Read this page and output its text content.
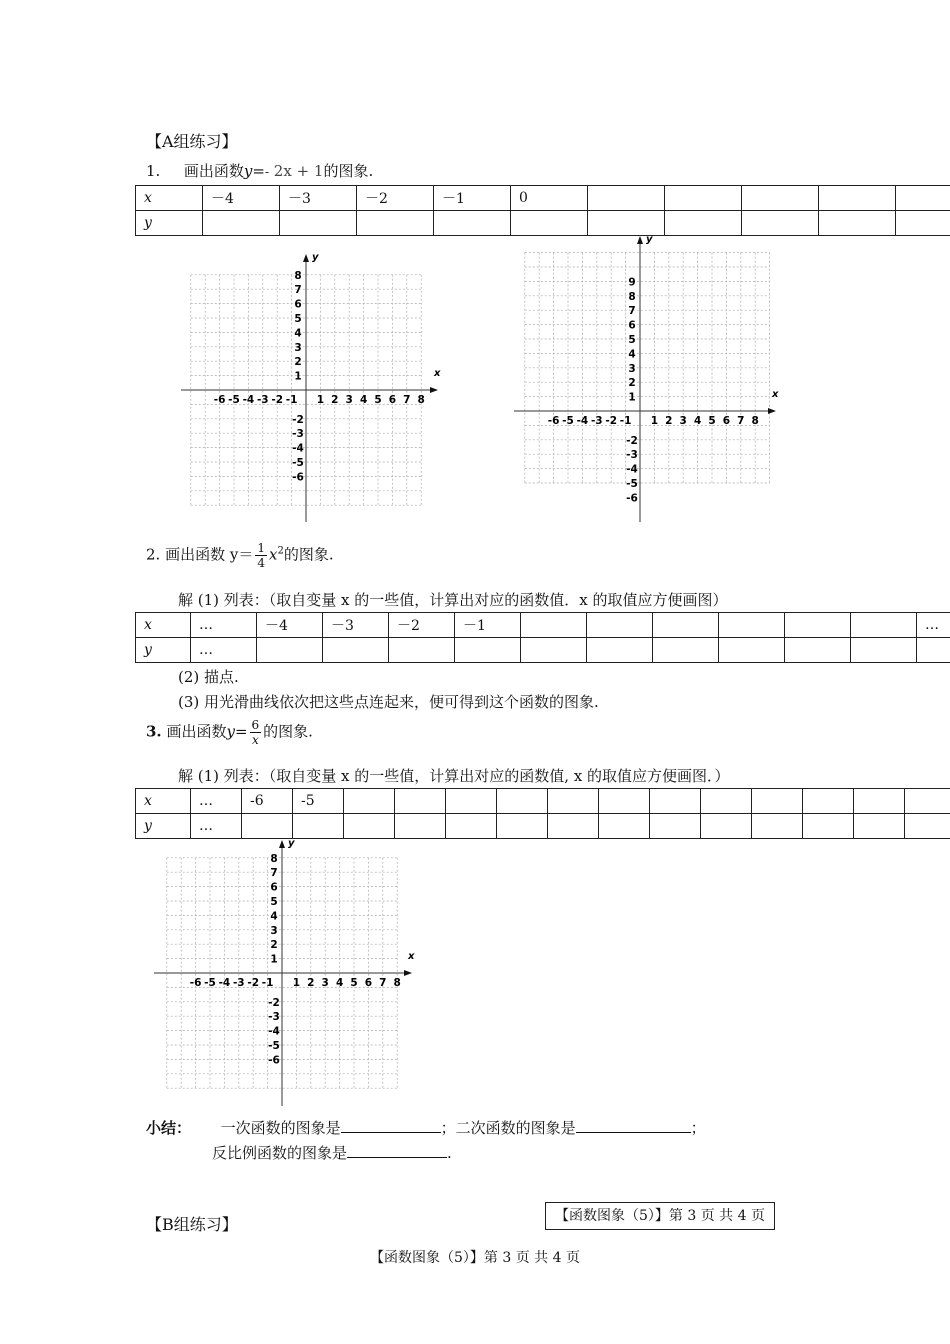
【A组练习】
1. 画出函数y=- 2x + 1的图象.
x	－4	－3	－2	－1	0					
y										
x
y
-6 -5 -4 -3 -2 -1 1 2 3 4 5 6 7 8
1
2
3
4
5
6
7
8
-2
-3
-4
-5
-6
x
y
-6 -5 -4 -3 -2 -1 1 2 3 4 5 6 7 8
1
2
3
4
5
6
7
8
9
-2
-3
-4
-5
-6
2. 画出函数 $y= \frac{1}{4} x^2$的图象.
解 (1) 列表：（取自变量 x 的一些值，计算出对应的函数值．x 的取值应方便画图）
x	…	－4	－3	－2	－1							…
y	…											
(2) 描点.
(3) 用光滑曲线依次把这些点连起来，便可得到这个函数的图象.
3. 画出函数$y= \frac{6}{x}$ 的图象.
解 (1) 列表：（取自变量 x 的一些值，计算出对应的函数值, x 的取值应方便画图．）
x	…	-6	-5													
y	…															
x
y
-6 -5 -4 -3 -2 -1 1 2 3 4 5 6 7 8
1
2
3
4
5
6
7
8
-2
-3
-4
-5
-6
小结： 一次函数的图象是	；二次函数的图象是	；
反比例函数的图象是	.
【B组练习】	【函数图象（5）】第 3 页 共 4 页
【函数图象（5）】第 3 页 共 4 页
